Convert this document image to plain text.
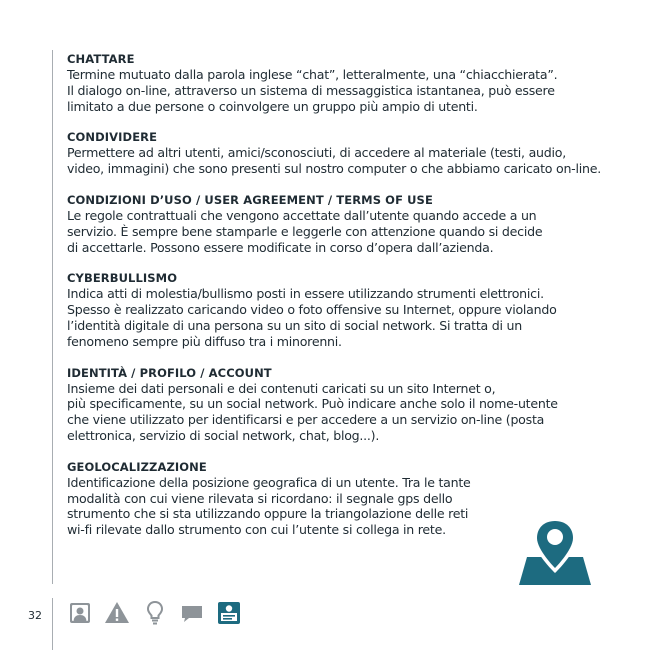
CHATTARE
Termine mutuato dalla parola inglese “chat”, letteralmente, una “chiacchierata”.
Il dialogo on-line, attraverso un sistema di messaggistica istantanea, può essere
limitato a due persone o coinvolgere un gruppo più ampio di utenti.
CONDIVIDERE
Permettere ad altri utenti, amici/sconosciuti, di accedere al materiale (testi, audio,
video, immagini) che sono presenti sul nostro computer o che abbiamo caricato on-line.
CONDIZIONI D’USO / USER AGREEMENT / TERMS OF USE
Le regole contrattuali che vengono accettate dall’utente quando accede a un
servizio. È sempre bene stamparle e leggerle con attenzione quando si decide
di accettarle. Possono essere modificate in corso d’opera dall’azienda.
CYBERBULLISMO
Indica atti di molestia/bullismo posti in essere utilizzando strumenti elettronici.
Spesso è realizzato caricando video o foto offensive su Internet, oppure violando
l’identità digitale di una persona su un sito di social network. Si tratta di un
fenomeno sempre più diffuso tra i minorenni.
IDENTITÀ / PROFILO / ACCOUNT
Insieme dei dati personali e dei contenuti caricati su un sito Internet o,
più specificamente, su un social network. Può indicare anche solo il nome-utente
che viene utilizzato per identificarsi e per accedere a un servizio on-line (posta
elettronica, servizio di social network, chat, blog...).
GEOLOCALIZZAZIONE
Identificazione della posizione geografica di un utente. Tra le tante
modalità con cui viene rilevata si ricordano: il segnale gps dello
strumento che si sta utilizzando oppure la triangolazione delle reti
wi-fi rilevate dallo strumento con cui l’utente si collega in rete.
32
